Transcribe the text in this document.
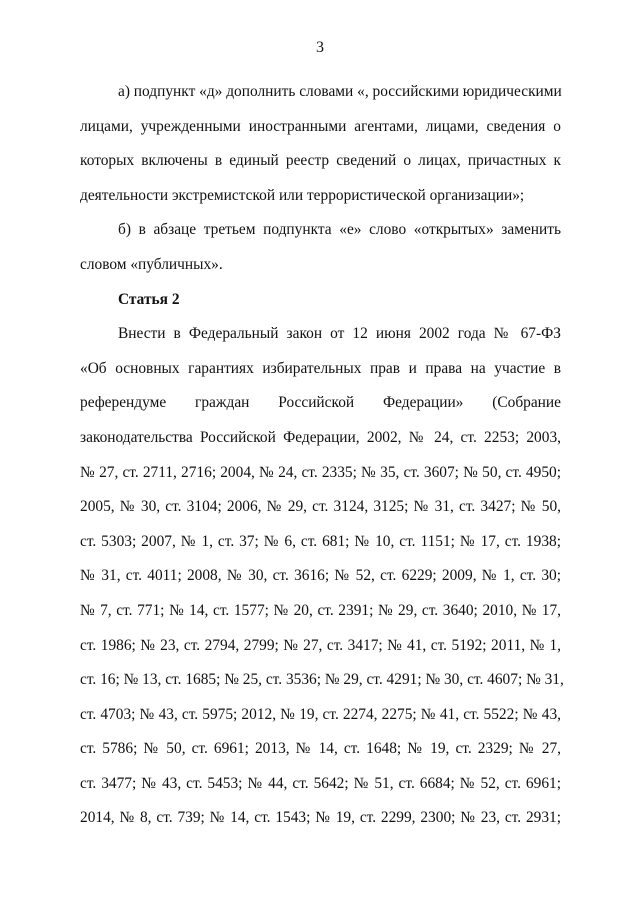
3

а) подпункт «д» дополнить словами «, российскими юридическими
лицами, учрежденными иностранными агентами, лицами, сведения о
которых включены в единый реестр сведений о лицах, причастных к
деятельности экстремистской или террористической организации»;

б) в абзаце третьем подпункта «е» слово «открытых» заменить
словом «публичных».

Статья 2

Внести в Федеральный закон от 12 июня 2002 года № 67-ФЗ
«Об основных гарантиях избирательных прав и права на участие в
референдуме граждан Российской Федерации» (Собрание
законодательства Российской Федерации, 2002, № 24, ст. 2253; 2003,
№ 27, ст. 2711, 2716; 2004, № 24, ст. 2335; № 35, ст. 3607; № 50, ст. 4950;
2005, № 30, ст. 3104; 2006, № 29, ст. 3124, 3125; № 31, ст. 3427; № 50,
ст. 5303; 2007, № 1, ст. 37; № 6, ст. 681; № 10, ст. 1151; № 17, ст. 1938;
№ 31, ст. 4011; 2008, № 30, ст. 3616; № 52, ст. 6229; 2009, № 1, ст. 30;
№ 7, ст. 771; № 14, ст. 1577; № 20, ст. 2391; № 29, ст. 3640; 2010, № 17,
ст. 1986; № 23, ст. 2794, 2799; № 27, ст. 3417; № 41, ст. 5192; 2011, № 1,
ст. 16; № 13, ст. 1685; № 25, ст. 3536; № 29, ст. 4291; № 30, ст. 4607; № 31,
ст. 4703; № 43, ст. 5975; 2012, № 19, ст. 2274, 2275; № 41, ст. 5522; № 43,
ст. 5786; № 50, ст. 6961; 2013, № 14, ст. 1648; № 19, ст. 2329; № 27,
ст. 3477; № 43, ст. 5453; № 44, ст. 5642; № 51, ст. 6684; № 52, ст. 6961;
2014, № 8, ст. 739; № 14, ст. 1543; № 19, ст. 2299, 2300; № 23, ст. 2931;
